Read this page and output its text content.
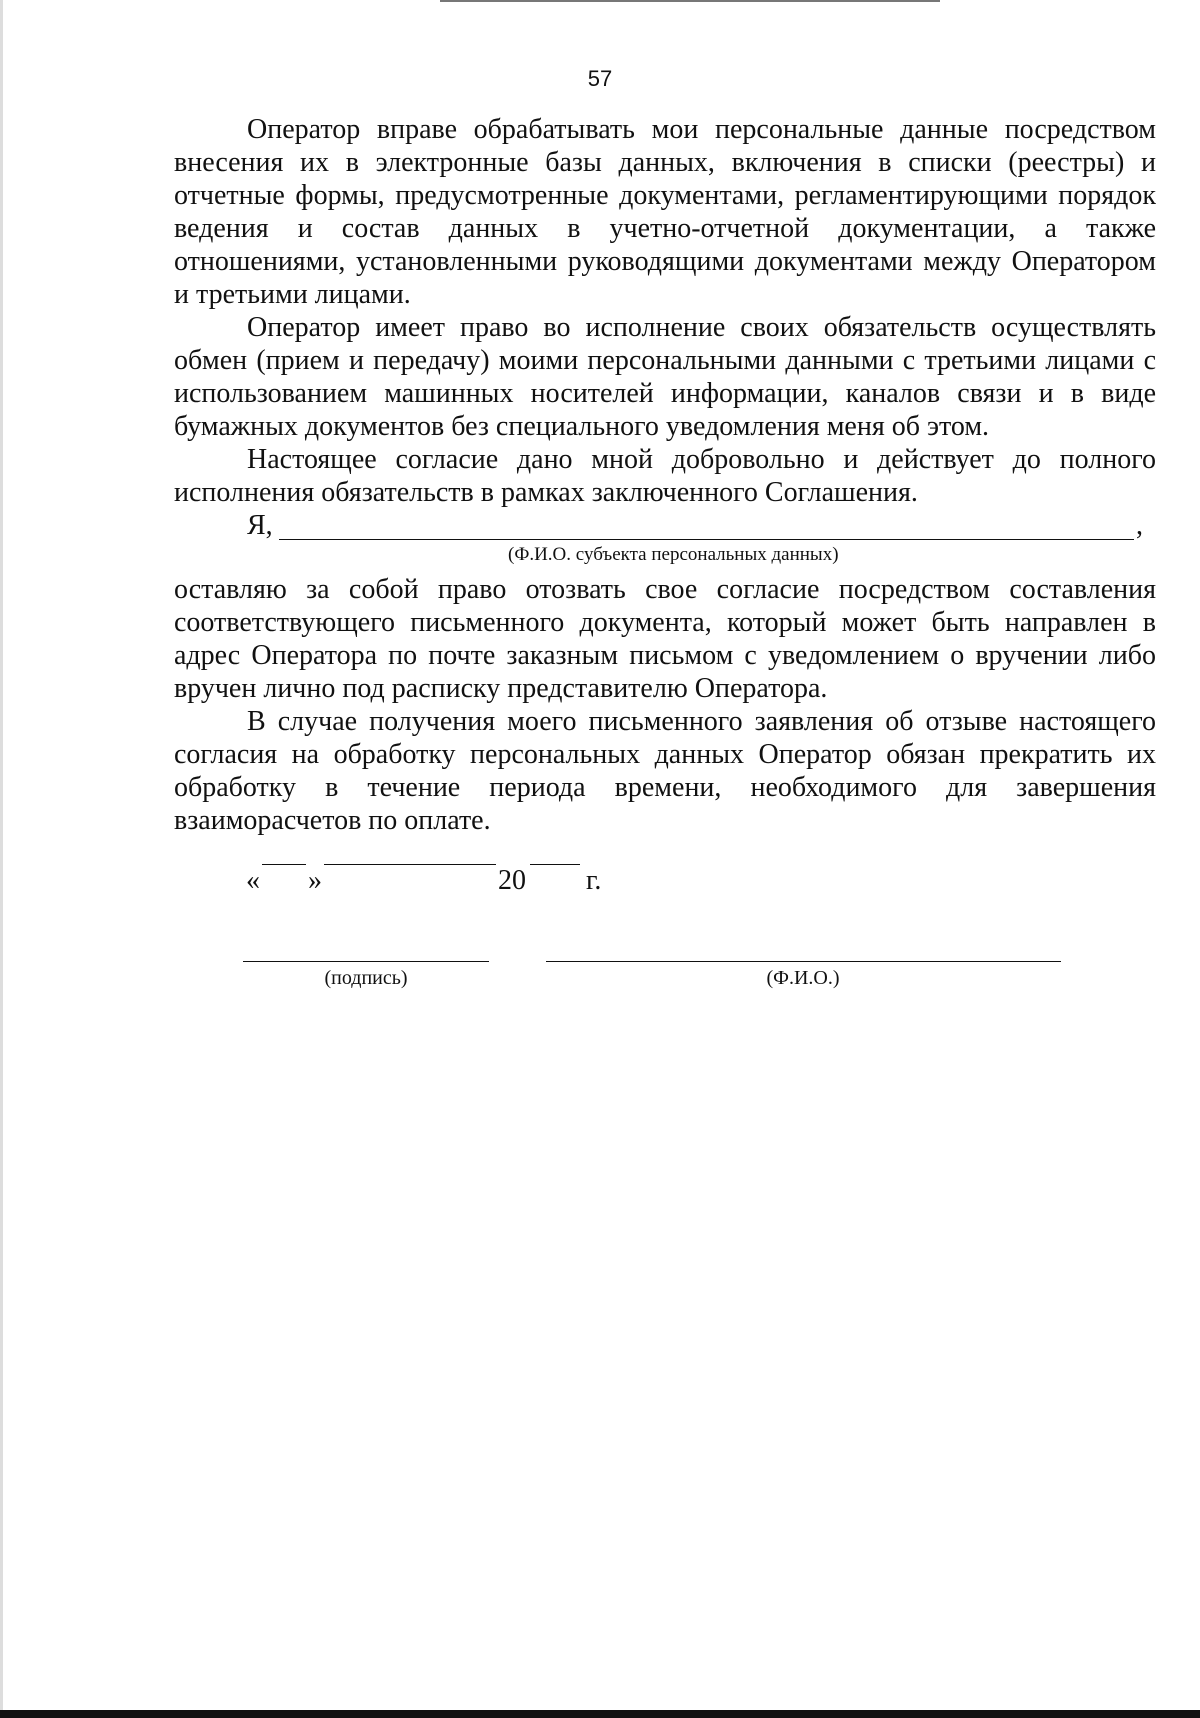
57

Оператор вправе обрабатывать мои персональные данные посредством внесения их в электронные базы данных, включения в списки (реестры) и отчетные формы, предусмотренные документами, регламентирующими порядок ведения и состав данных в учетно-отчетной документации, а также отношениями, установленными руководящими документами между Оператором и третьими лицами.

Оператор имеет право во исполнение своих обязательств осуществлять обмен (прием и передачу) моими персональными данными с третьими лицами с использованием машинных носителей информации, каналов связи и в виде бумажных документов без специального уведомления меня об этом.

Настоящее согласие дано мной добровольно и действует до полного исполнения обязательств в рамках заключенного Соглашения.

Я,	,
(Ф.И.О. субъекта персональных данных)

оставляю за собой право отозвать свое согласие посредством составления соответствующего письменного документа, который может быть направлен в адрес Оператора по почте заказным письмом с уведомлением о вручении либо вручен лично под расписку представителю Оператора.

В случае получения моего письменного заявления об отзыве настоящего согласия на обработку персональных данных Оператор обязан прекратить их обработку в течение периода времени, необходимого для завершения взаиморасчетов по оплате.

« »	20 г.
(подпись)	(Ф.И.О.)
